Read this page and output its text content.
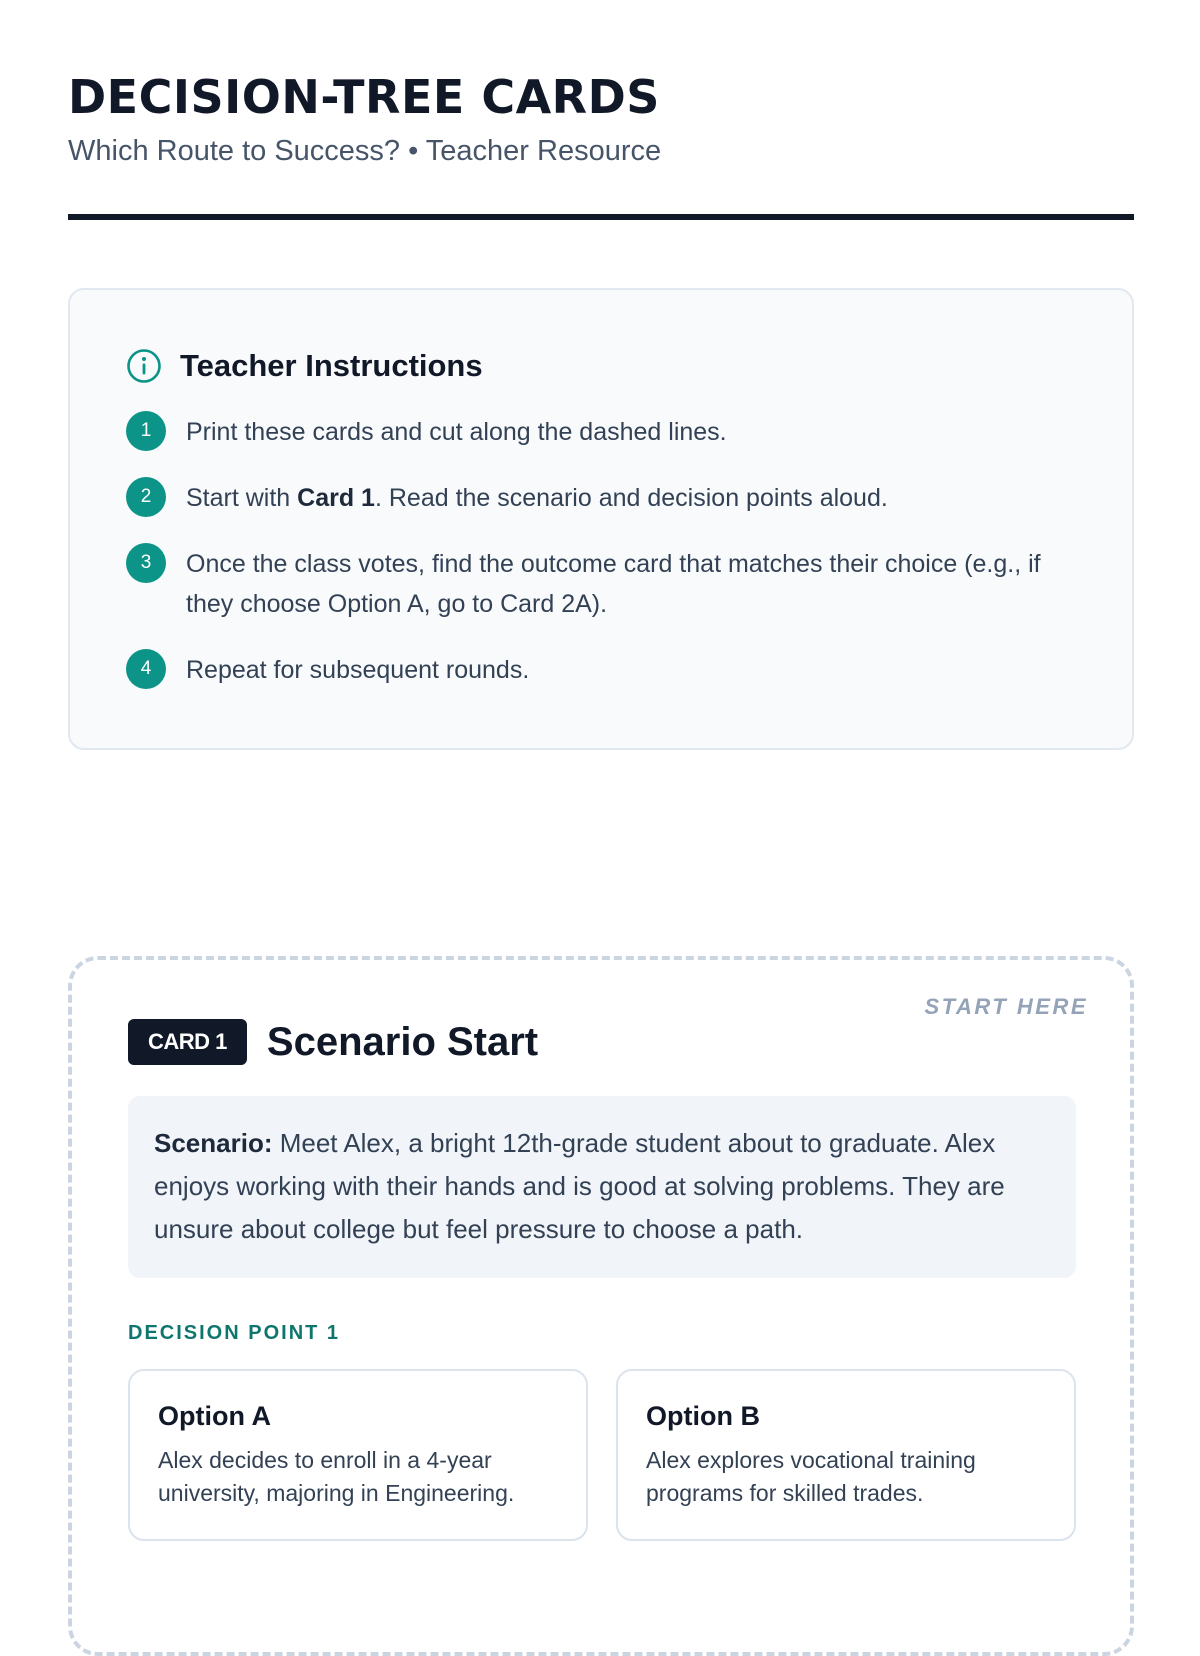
DECISION-TREE CARDS
Which Route to Success? • Teacher Resource
Teacher Instructions
1	Print these cards and cut along the dashed lines.
2	Start with Card 1. Read the scenario and decision points aloud.
3	Once the class votes, find the outcome card that matches their choice (e.g., if they choose Option A, go to Card 2A).
4	Repeat for subsequent rounds.
START HERE
CARD 1	Scenario Start
Scenario: Meet Alex, a bright 12th-grade student about to graduate. Alex enjoys working with their hands and is good at solving problems. They are unsure about college but feel pressure to choose a path.
DECISION POINT 1
Option A
Alex decides to enroll in a 4-year university, majoring in Engineering.
Option B
Alex explores vocational training programs for skilled trades.
